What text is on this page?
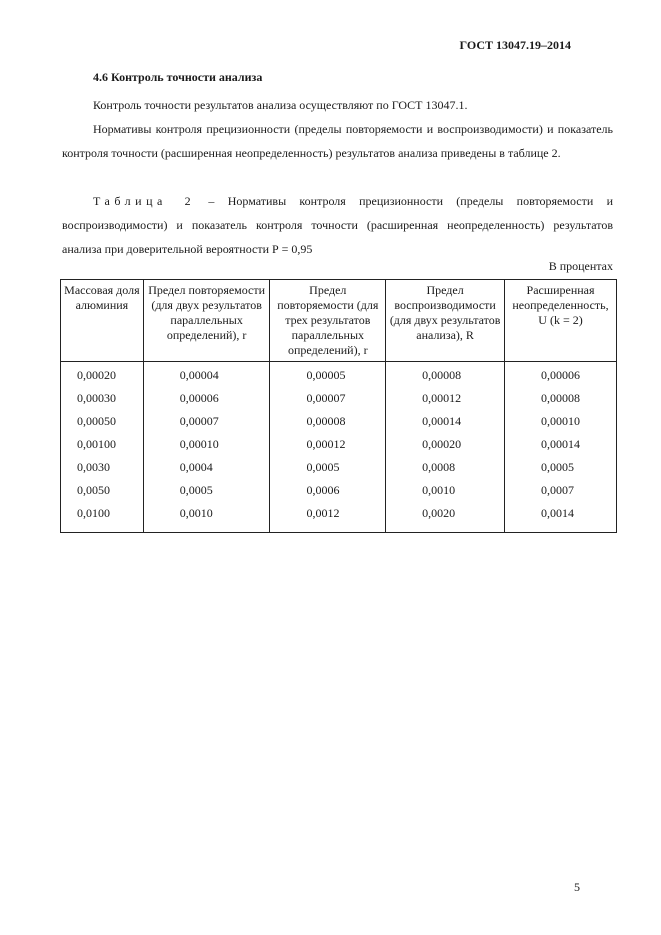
ГОСТ 13047.19–2014
4.6 Контроль точности анализа
Контроль точности результатов анализа осуществляют по ГОСТ 13047.1.
Нормативы контроля прецизионности (пределы повторяемости и воспроизводимости) и показатель контроля точности (расширенная неопределенность) результатов анализа приведены в таблице 2.
Таблица 2 – Нормативы контроля прецизионности (пределы повторяемости и воспроизводимости) и показатель контроля точности (расширенная неопределенность) результатов анализа при доверительной вероятности Р = 0,95
В процентах
Массовая доля алюминия	Предел повторяемости (для двух результатов параллельных определений), r	Предел повторяемости (для трех результатов параллельных определений), r	Предел воспроизводимости (для двух результатов анализа), R	Расширенная неопределенность, U (k = 2)
0,00020	0,00004	0,00005	0,00008	0,00006
0,00030	0,00006	0,00007	0,00012	0,00008
0,00050	0,00007	0,00008	0,00014	0,00010
0,00100	0,00010	0,00012	0,00020	0,00014
0,0030	0,0004	0,0005	0,0008	0,0005
0,0050	0,0005	0,0006	0,0010	0,0007
0,0100	0,0010	0,0012	0,0020	0,0014
5
